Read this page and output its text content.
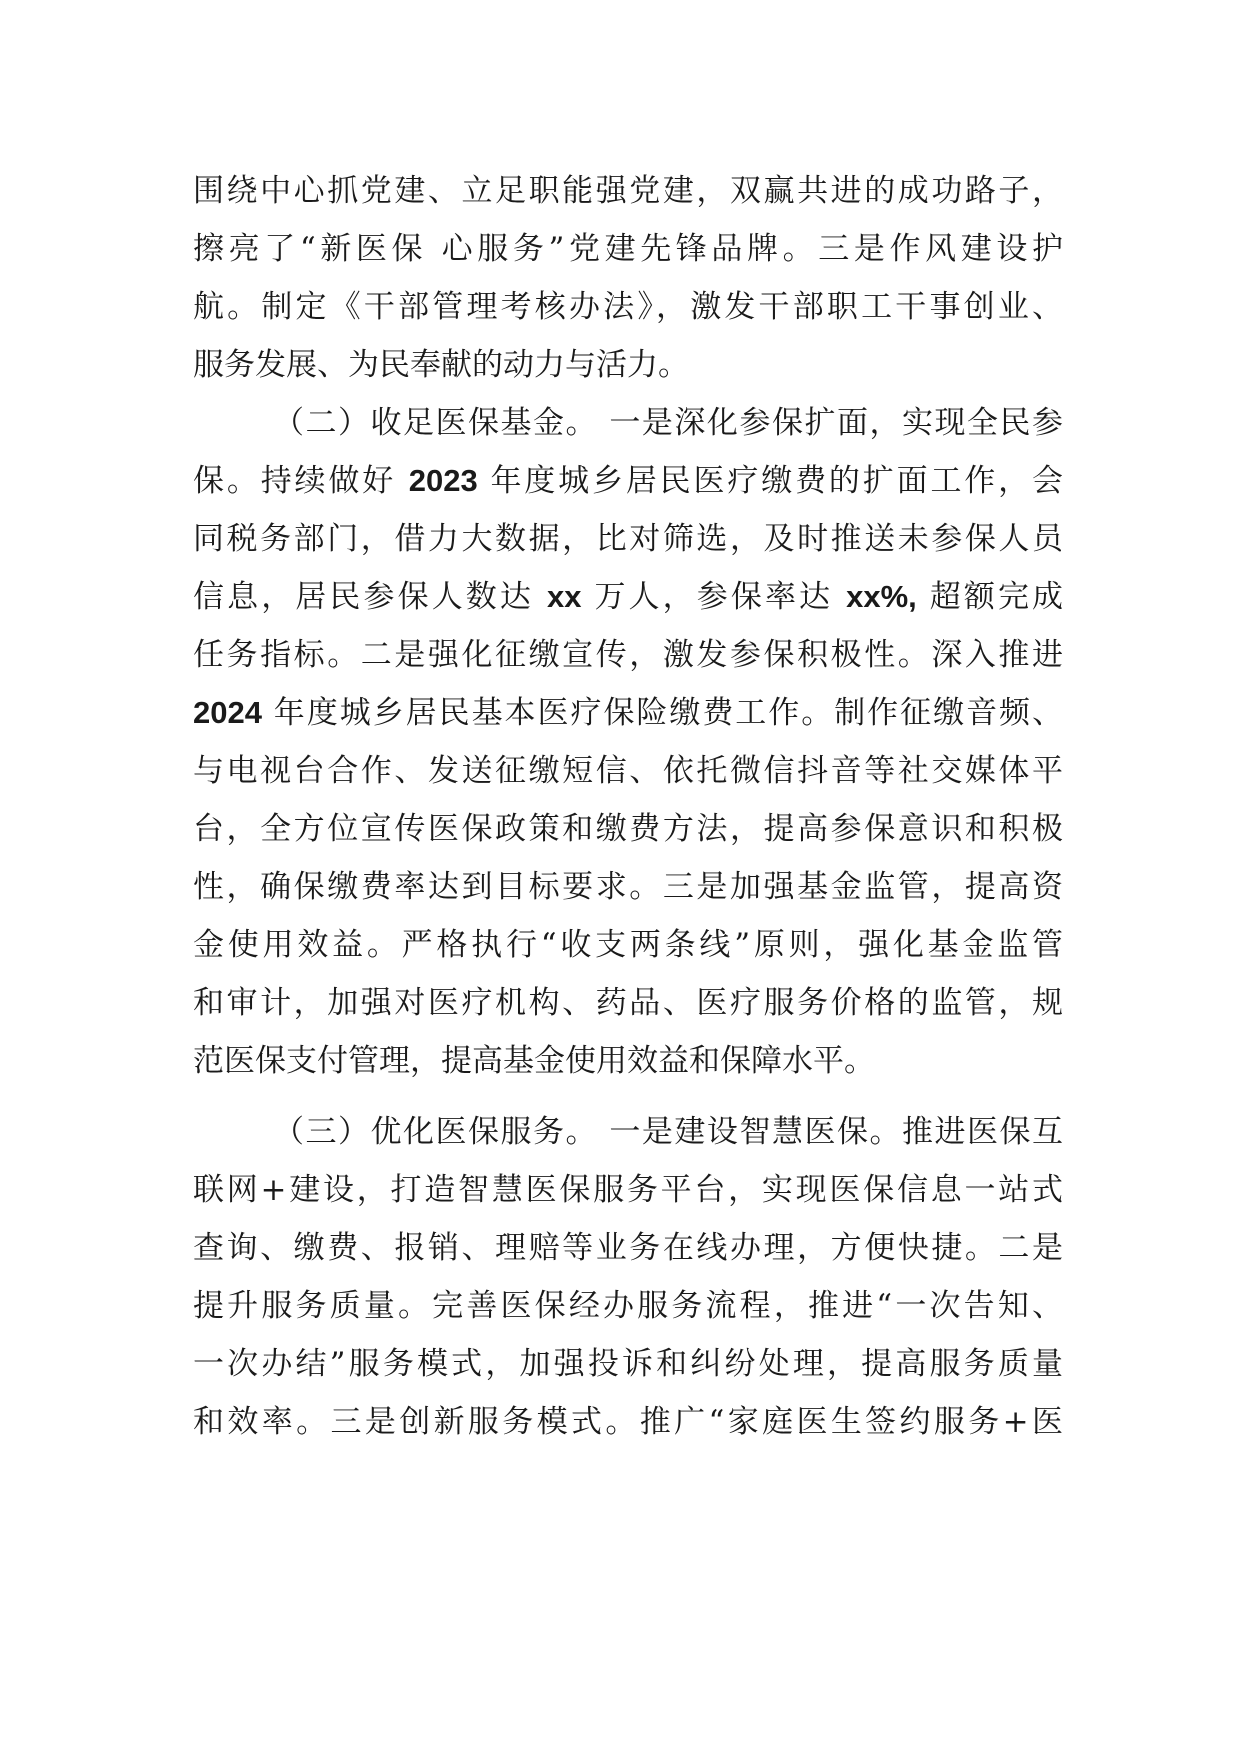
围绕中心抓党建、立足职能强党建，双赢共进的成功路子，
擦亮了“新医保 心服务”党建先锋品牌。三是作风建设护
航。制定《干部管理考核办法》，激发干部职工干事创业、
服务发展、为民奉献的动力与活力。
（二）收足医保基金。 一是深化参保扩面，实现全民参
保。持续做好 2023 年度城乡居民医疗缴费的扩面工作，会
同税务部门，借力大数据，比对筛选，及时推送未参保人员
信息，居民参保人数达 xx 万人，参保率达 xx%, 超额完成
任务指标。二是强化征缴宣传，激发参保积极性。深入推进
2024 年度城乡居民基本医疗保险缴费工作。制作征缴音频、
与电视台合作、发送征缴短信、依托微信抖音等社交媒体平
台，全方位宣传医保政策和缴费方法，提高参保意识和积极
性，确保缴费率达到目标要求。三是加强基金监管，提高资
金使用效益。严格执行“收支两条线”原则，强化基金监管
和审计，加强对医疗机构、药品、医疗服务价格的监管，规
范医保支付管理，提高基金使用效益和保障水平。
（三）优化医保服务。 一是建设智慧医保。推进医保互
联网+建设，打造智慧医保服务平台，实现医保信息一站式
查询、缴费、报销、理赔等业务在线办理，方便快捷。二是
提升服务质量。完善医保经办服务流程，推进“一次告知、
一次办结”服务模式，加强投诉和纠纷处理，提高服务质量
和效率。三是创新服务模式。推广“家庭医生签约服务+医
